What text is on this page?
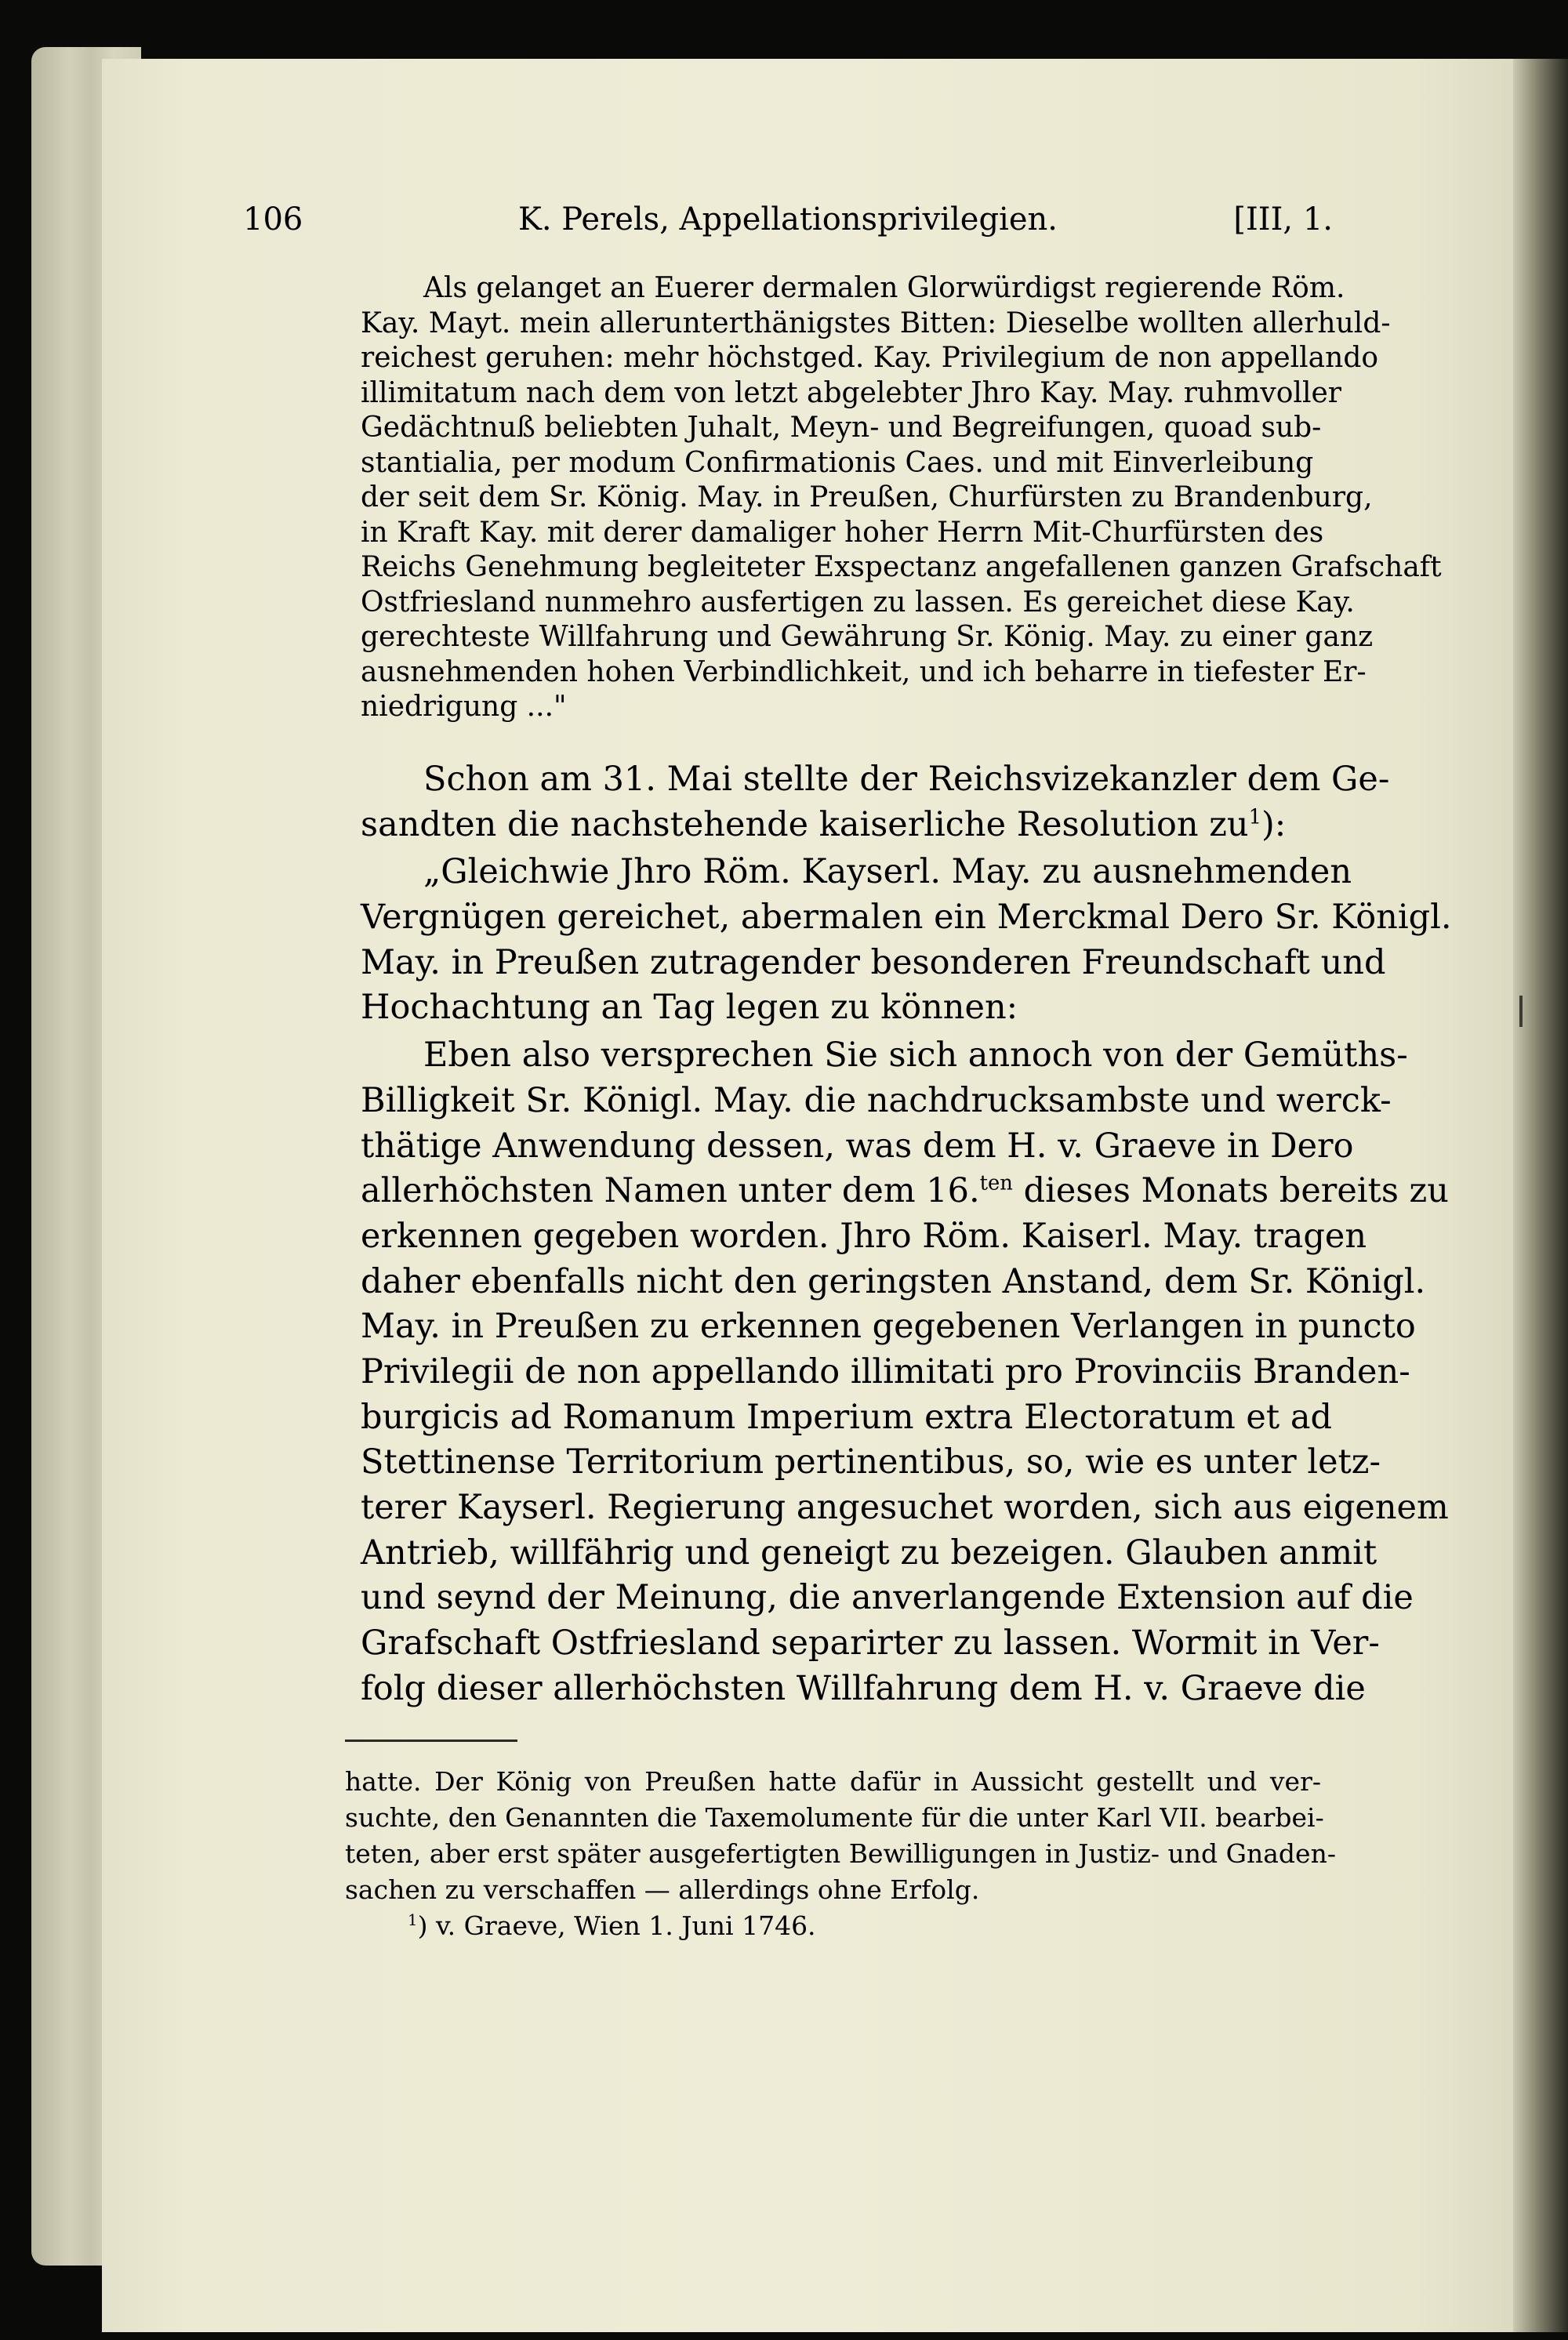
106	K. Perels, Appellationsprivilegien.	[III, 1.
Als gelanget an Euerer dermalen Glorwürdigst regierende Röm.
Kay. Mayt. mein allerunterthänigstes Bitten: Dieselbe wollten allerhuld-
reichest geruhen: mehr höchstged. Kay. Privilegium de non appellando
illimitatum nach dem von letzt abgelebter Jhro Kay. May. ruhmvoller
Gedächtnuß beliebten Juhalt, Meyn- und Begreifungen, quoad sub-
stantialia, per modum Confirmationis Caes. und mit Einverleibung
der seit dem Sr. König. May. in Preußen, Churfürsten zu Brandenburg,
in Kraft Kay. mit derer damaliger hoher Herrn Mit-Churfürsten des
Reichs Genehmung begleiteter Exspectanz angefallenen ganzen Grafschaft
Ostfriesland nunmehro ausfertigen zu lassen. Es gereichet diese Kay.
gerechteste Willfahrung und Gewährung Sr. König. May. zu einer ganz
ausnehmenden hohen Verbindlichkeit, und ich beharre in tiefester Er-
niedrigung ..."
Schon am 31. Mai stellte der Reichsvizekanzler dem Ge-
sandten die nachstehende kaiserliche Resolution $zu^1$):
„Gleichwie Jhro Röm. Kayserl. May. zu ausnehmenden
Vergnügen gereichet, abermalen ein Merckmal Dero Sr. Königl.
May. in Preußen zutragender besonderen Freundschaft und
Hochachtung an Tag legen zu können:
Eben also versprechen Sie sich annoch von der Gemüths-
Billigkeit Sr. Königl. May. die nachdrucksambste und werck-
thätige Anwendung dessen, was dem H. v. Graeve in Dero
allerhöchsten Namen unter dem 16.$^{ten}$ dieses Monats bereits zu
erkennen gegeben worden. Jhro Röm. Kaiserl. May. tragen
daher ebenfalls nicht den geringsten Anstand, dem Sr. Königl.
May. in Preußen zu erkennen gegebenen Verlangen in puncto
Privilegii de non appellando illimitati pro Provinciis Branden-
burgicis ad Romanum Imperium extra Electoratum et ad
Stettinense Territorium pertinentibus, so, wie es unter letz-
terer Kayserl. Regierung angesuchet worden, sich aus eigenem
Antrieb, willfährig und geneigt zu bezeigen. Glauben anmit
und seynd der Meinung, die anverlangende Extension auf die
Grafschaft Ostfriesland separirter zu lassen. Wormit in Ver-
folg dieser allerhöchsten Willfahrung dem H. v. Graeve die
hatte. Der König von Preußen hatte dafür in Aussicht gestellt und ver-
suchte, den Genannten die Taxemolumente für die unter Karl VII. bearbei-
teten, aber erst später ausgefertigten Bewilligungen in Justiz- und Gnaden-
sachen zu verschaffen — allerdings ohne Erfolg.
$^1$) v. Graeve, Wien 1. Juni 1746.
